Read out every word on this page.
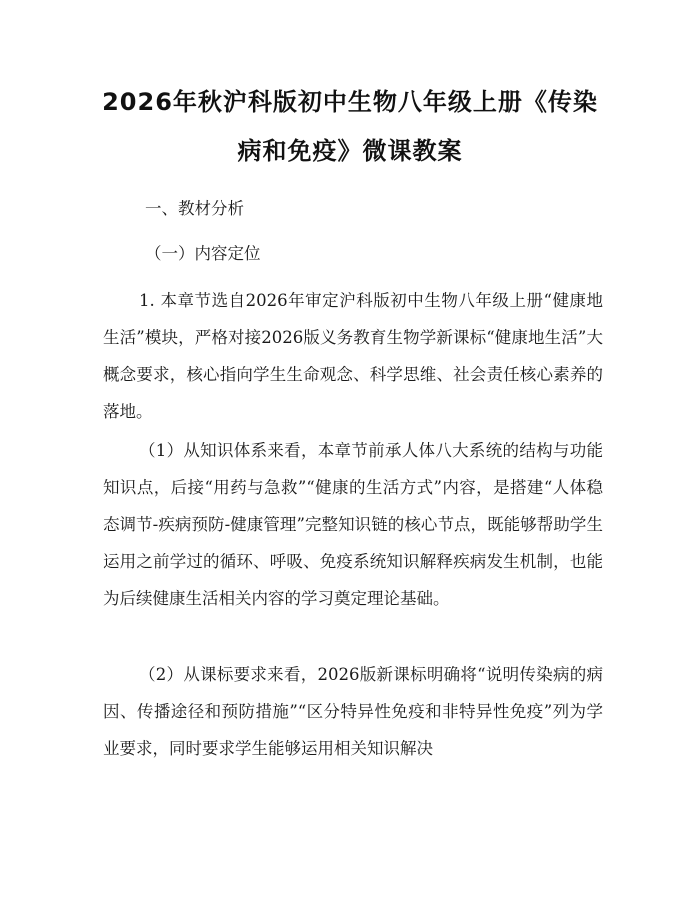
2026年秋沪科版初中生物八年级上册《传染
病和免疫》微课教案

一、教材分析

（一）内容定位

1. 本章节选自2026年审定沪科版初中生物八年级上册“健康地生活”模块，严格对接2026版义务教育生物学新课标“健康地生活”大概念要求，核心指向学生生命观念、科学思维、社会责任核心素养的落地。

（1）从知识体系来看，本章节前承人体八大系统的结构与功能知识点，后接“用药与急救”“健康的生活方式”内容，是搭建“人体稳态调节-疾病预防-健康管理”完整知识链的核心节点，既能够帮助学生运用之前学过的循环、呼吸、免疫系统知识解释疾病发生机制，也能为后续健康生活相关内容的学习奠定理论基础。

（2）从课标要求来看，2026版新课标明确将“说明传染病的病因、传播途径和预防措施”“区分特异性免疫和非特异性免疫”列为学业要求，同时要求学生能够运用相关知识解决
